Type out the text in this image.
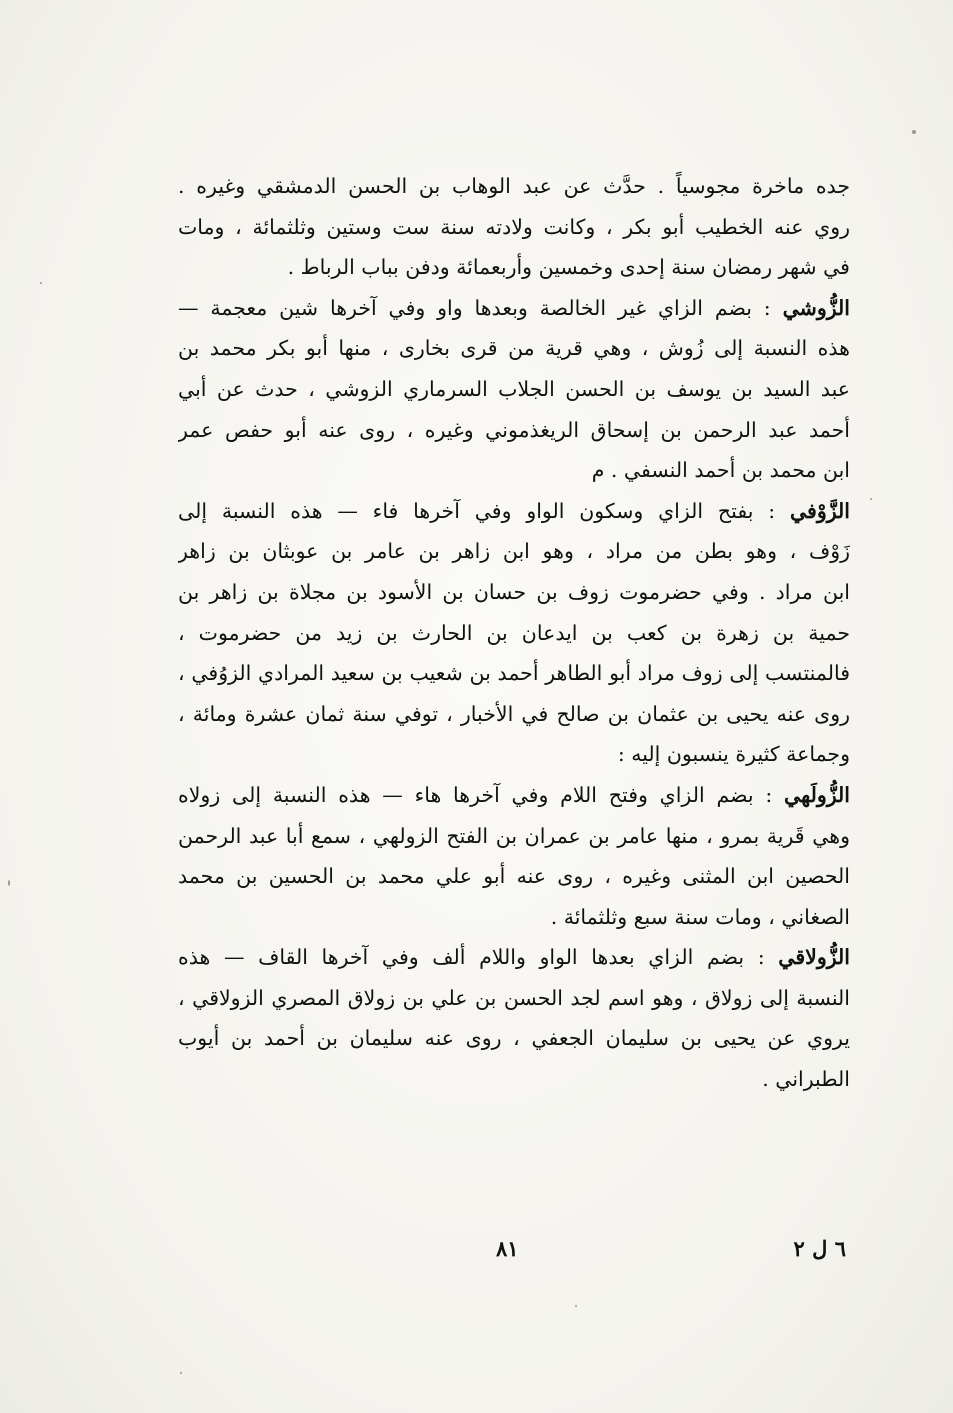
جده ماخرة مجوسياً . حدَّث عن عبد الوهاب بن الحسن الدمشقي وغيره .
روي عنه الخطيب أبو بكر ، وكانت ولادته سنة ست وستين وثلثمائة ، ومات
في شهر رمضان سنة إحدى وخمسين وأربعمائة ودفن بباب الرباط .
الزُّوشي : بضم الزاي غير الخالصة وبعدها واو وفي آخرها شين معجمة —
هذه النسبة إلى زُوش ، وهي قرية من قرى بخارى ، منها أبو بكر محمد بن
عبد السيد بن يوسف بن الحسن الجلاب السرماري الزوشي ، حدث عن أبي
أحمد عبد الرحمن بن إسحاق الريغذموني وغيره ، روى عنه أبو حفص عمر
ابن محمد بن أحمد النسفي . م
الزَّوْفي : بفتح الزاي وسكون الواو وفي آخرها فاء — هذه النسبة إلى
زَوْف ، وهو بطن من مراد ، وهو ابن زاهر بن عامر بن عوبثان بن زاهر
ابن مراد . وفي حضرموت زوف بن حسان بن الأسود بن مجلاة بن زاهر بن
حمية بن زهرة بن كعب بن ايدعان بن الحارث بن زيد من حضرموت ،
فالمنتسب إلى زوف مراد أبو الطاهر أحمد بن شعيب بن سعيد المرادي الزوُفي ،
روى عنه يحيى بن عثمان بن صالح في الأخبار ، توفي سنة ثمان عشرة ومائة ،
وجماعة كثيرة ينسبون إليه :
الزُّولَهي : بضم الزاي وفتح اللام وفي آخرها هاء — هذه النسبة إلى زولاه
وهي قَرية بمرو ، منها عامر بن عمران بن الفتح الزولهي ، سمع أبا عبد الرحمن
الحصين ابن المثنى وغيره ، روى عنه أبو علي محمد بن الحسين بن محمد
الصغاني ، ومات سنة سبع وثلثمائة .
الزُّولاقي : بضم الزاي بعدها الواو واللام ألف وفي آخرها القاف — هذه
النسبة إلى زولاق ، وهو اسم لجد الحسن بن علي بن زولاق المصري الزولاقي ،
يروي عن يحيى بن سليمان الجعفي ، روى عنه سليمان بن أحمد بن أيوب
الطبراني .
٨١	٦ ل ٢
